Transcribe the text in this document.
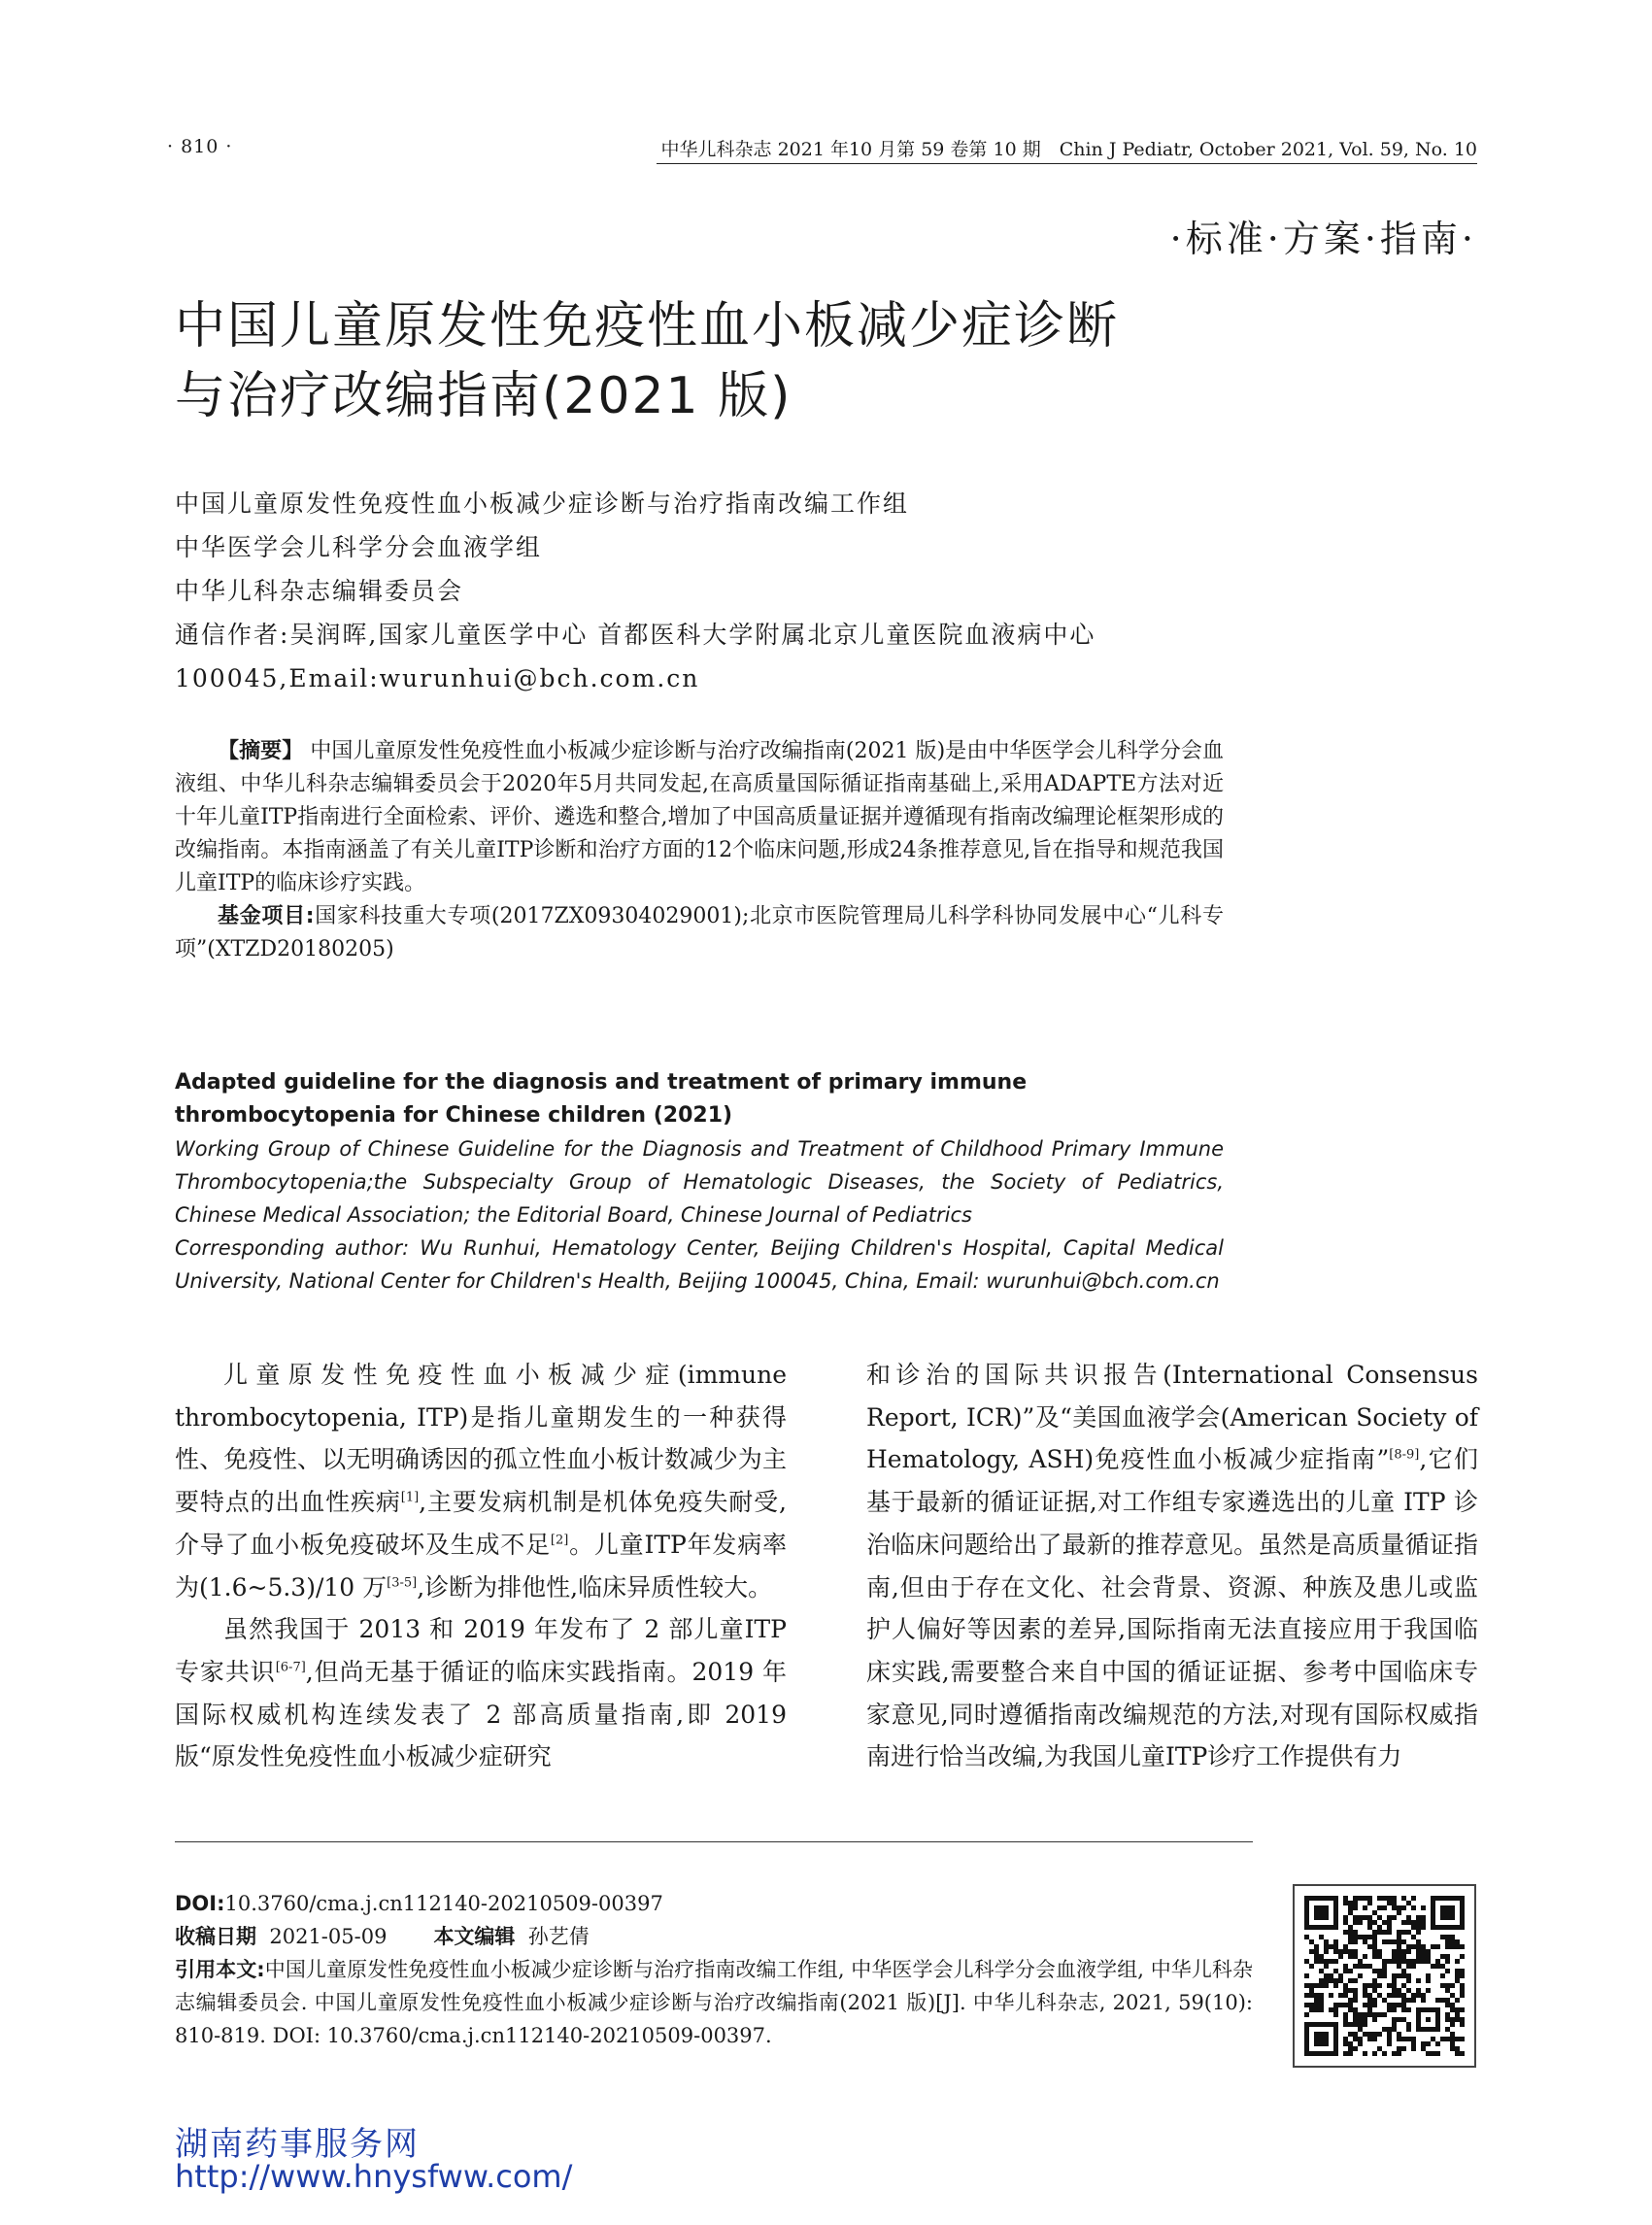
· 810 ·	中华儿科杂志 2021 年10 月第 59 卷第 10 期　Chin J Pediatr, October 2021, Vol. 59, No. 10
·标准·方案·指南·
中国儿童原发性免疫性血小板减少症诊断
与治疗改编指南(2021 版)
中国儿童原发性免疫性血小板减少症诊断与治疗指南改编工作组
中华医学会儿科学分会血液学组
中华儿科杂志编辑委员会
通信作者:吴润晖,国家儿童医学中心 首都医科大学附属北京儿童医院血液病中心
100045,Email:wurunhui@bch.com.cn

【摘要】 中国儿童原发性免疫性血小板减少症诊断与治疗改编指南(2021 版)是由中华医学会儿科学分会血液组、中华儿科杂志编辑委员会于2020年5月共同发起,在高质量国际循证指南基础上,采用ADAPTE方法对近十年儿童ITP指南进行全面检索、评价、遴选和整合,增加了中国高质量证据并遵循现有指南改编理论框架形成的改编指南。本指南涵盖了有关儿童ITP诊断和治疗方面的12个临床问题,形成24条推荐意见,旨在指导和规范我国儿童ITP的临床诊疗实践。

基金项目:国家科技重大专项(2017ZX09304029001);北京市医院管理局儿科学科协同发展中心“儿科专项”(XTZD20180205)

Adapted guideline for the diagnosis and treatment of primary immune thrombocytopenia for Chinese children (2021)

Working Group of Chinese Guideline for the Diagnosis and Treatment of Childhood Primary Immune Thrombocytopenia;the Subspecialty Group of Hematologic Diseases, the Society of Pediatrics, Chinese Medical Association; the Editorial Board, Chinese Journal of Pediatrics

Corresponding author: Wu Runhui, Hematology Center, Beijing Children's Hospital, Capital Medical University, National Center for Children's Health, Beijing 100045, China, Email: wurunhui@bch.com.cn

儿童原发性免疫性血小板减少症(immune thrombocytopenia, ITP)是指儿童期发生的一种获得性、免疫性、以无明确诱因的孤立性血小板计数减少为主要特点的出血性疾病[1],主要发病机制是机体免疫失耐受,介导了血小板免疫破坏及生成不足[2]。儿童ITP年发病率为(1.6~5.3)/10 万[3-5],诊断为排他性,临床异质性较大。

虽然我国于 2013 和 2019 年发布了 2 部儿童ITP专家共识[6-7],但尚无基于循证的临床实践指南。2019 年国际权威机构连续发表了 2 部高质量指南,即 2019 版“原发性免疫性血小板减少症研究

和诊治的国际共识报告(International Consensus Report, ICR)”及“美国血液学会(American Society of Hematology, ASH)免疫性血小板减少症指南”[8-9],它们基于最新的循证证据,对工作组专家遴选出的儿童 ITP 诊治临床问题给出了最新的推荐意见。虽然是高质量循证指南,但由于存在文化、社会背景、资源、种族及患儿或监护人偏好等因素的差异,国际指南无法直接应用于我国临床实践,需要整合来自中国的循证证据、参考中国临床专家意见,同时遵循指南改编规范的方法,对现有国际权威指南进行恰当改编,为我国儿童ITP诊疗工作提供有力

DOI:10.3760/cma.j.cn112140-20210509-00397

收稿日期 2021-05-09 本文编辑 孙艺倩

引用本文:中国儿童原发性免疫性血小板减少症诊断与治疗指南改编工作组, 中华医学会儿科学分会血液学组, 中华儿科杂志编辑委员会. 中国儿童原发性免疫性血小板减少症诊断与治疗改编指南(2021 版)[J]. 中华儿科杂志, 2021, 59(10): 810-819. DOI: 10.3760/cma.j.cn112140-20210509-00397.

湖南药事服务网
http://www.hnysfww.com/
